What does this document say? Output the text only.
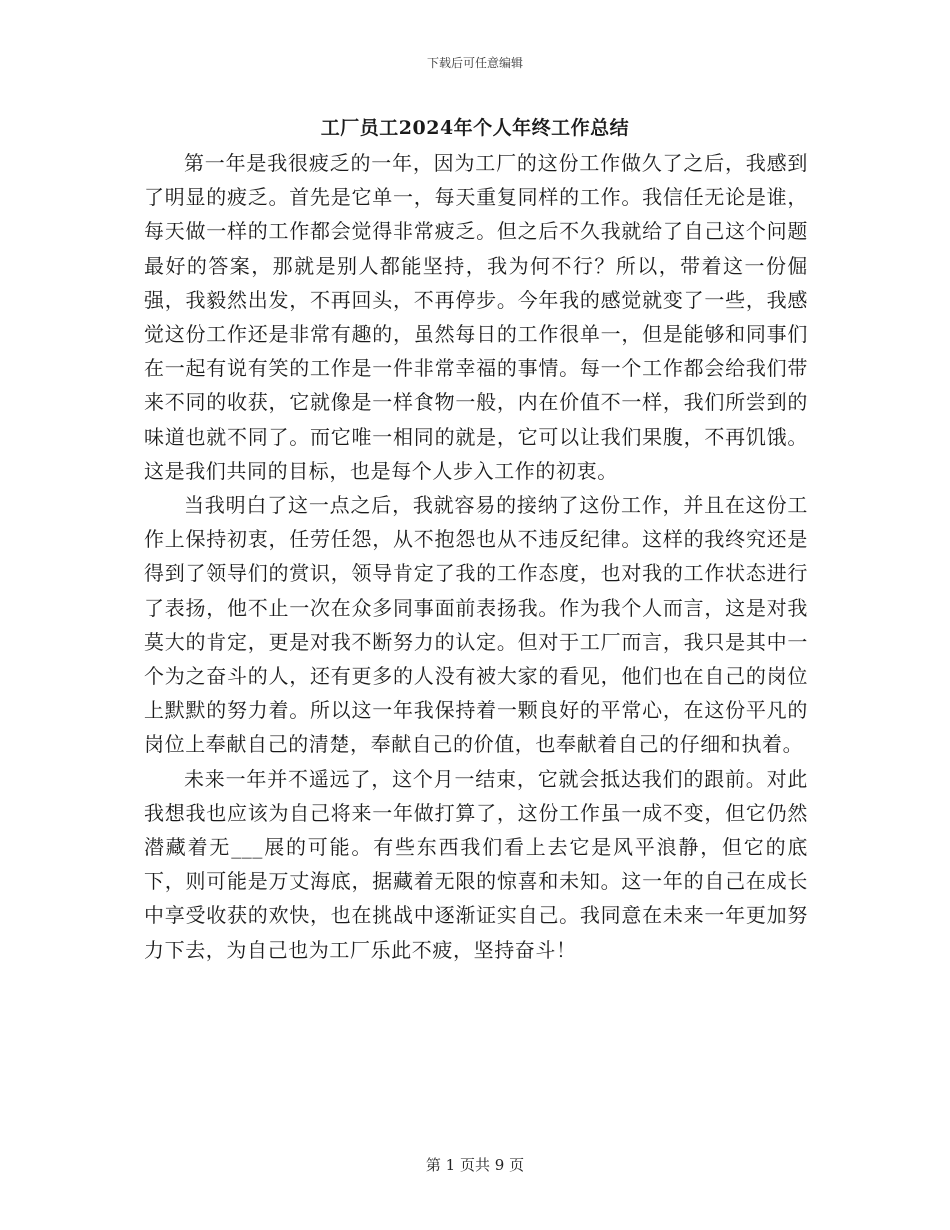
下载后可任意编辑
工厂员工2024年个人年终工作总结

第一年是我很疲乏的一年，因为工厂的这份工作做久了之后，我感到了明显的疲乏。首先是它单一，每天重复同样的工作。我信任无论是谁，每天做一样的工作都会觉得非常疲乏。但之后不久我就给了自己这个问题最好的答案，那就是别人都能坚持，我为何不行？所以，带着这一份倔强，我毅然出发，不再回头，不再停步。今年我的感觉就变了一些，我感觉这份工作还是非常有趣的，虽然每日的工作很单一，但是能够和同事们在一起有说有笑的工作是一件非常幸福的事情。每一个工作都会给我们带来不同的收获，它就像是一样食物一般，内在价值不一样，我们所尝到的味道也就不同了。而它唯一相同的就是，它可以让我们果腹，不再饥饿。这是我们共同的目标，也是每个人步入工作的初衷。

当我明白了这一点之后，我就容易的接纳了这份工作，并且在这份工作上保持初衷，任劳任怨，从不抱怨也从不违反纪律。这样的我终究还是得到了领导们的赏识，领导肯定了我的工作态度，也对我的工作状态进行了表扬，他不止一次在众多同事面前表扬我。作为我个人而言，这是对我莫大的肯定，更是对我不断努力的认定。但对于工厂而言，我只是其中一个为之奋斗的人，还有更多的人没有被大家的看见，他们也在自己的岗位上默默的努力着。所以这一年我保持着一颗良好的平常心，在这份平凡的岗位上奉献自己的清楚，奉献自己的价值，也奉献着自己的仔细和执着。

未来一年并不遥远了，这个月一结束，它就会抵达我们的跟前。对此我想我也应该为自己将来一年做打算了，这份工作虽一成不变，但它仍然潜藏着无___展的可能。有些东西我们看上去它是风平浪静，但它的底下，则可能是万丈海底，据藏着无限的惊喜和未知。这一年的自己在成长中享受收获的欢快，也在挑战中逐渐证实自己。我同意在未来一年更加努力下去，为自己也为工厂乐此不疲，坚持奋斗！

第 1 页共 9 页
